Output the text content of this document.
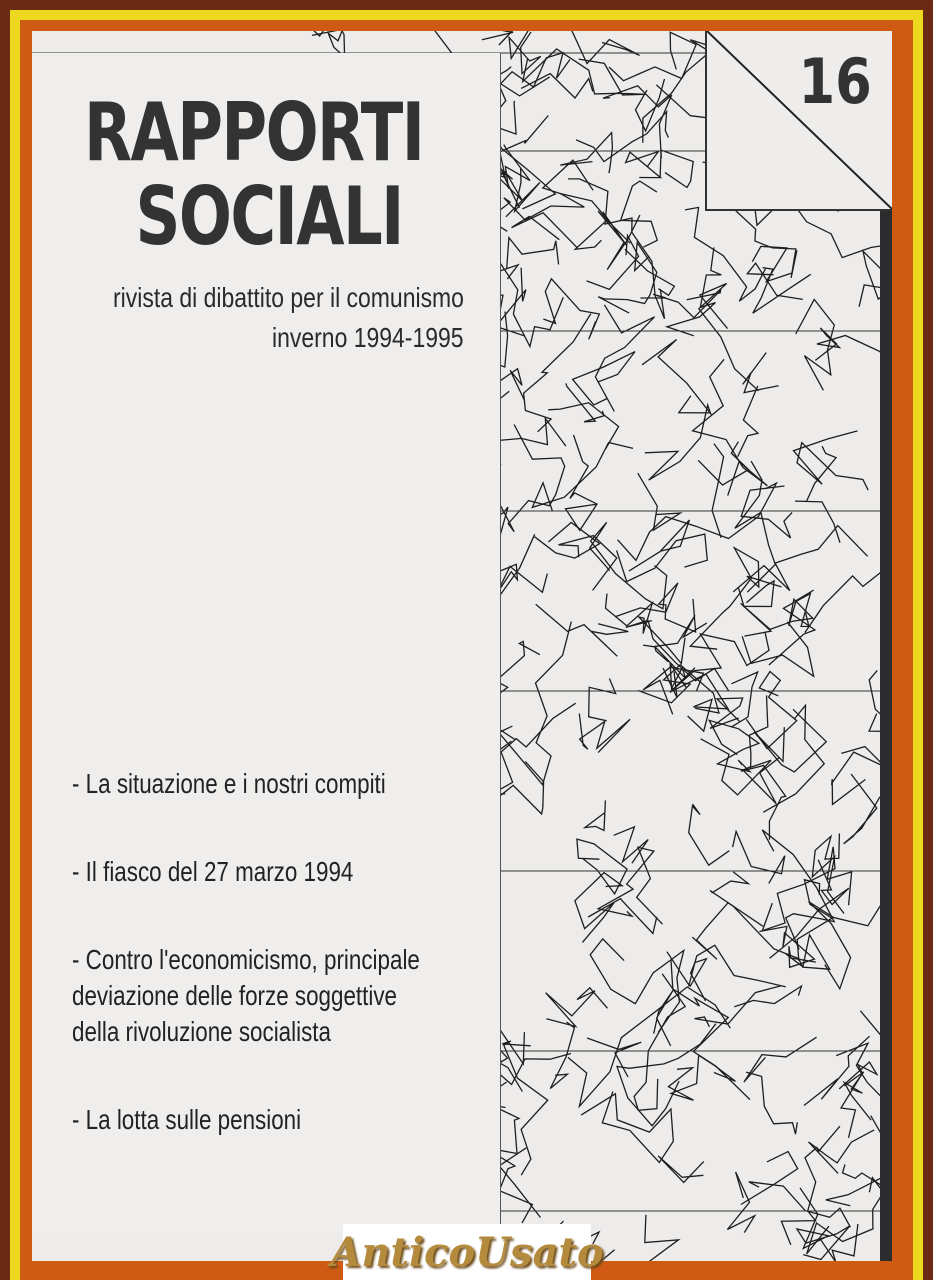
RAPPORTI
SOCIALI
rivista di dibattito per il comunismo
inverno 1994-1995
- La situazione e i nostri compiti
- Il fiasco del 27 marzo 1994
- Contro l'economicismo, principale
deviazione delle forze soggettive
della rivoluzione socialista
- La lotta sulle pensioni
16
AnticoUsato
